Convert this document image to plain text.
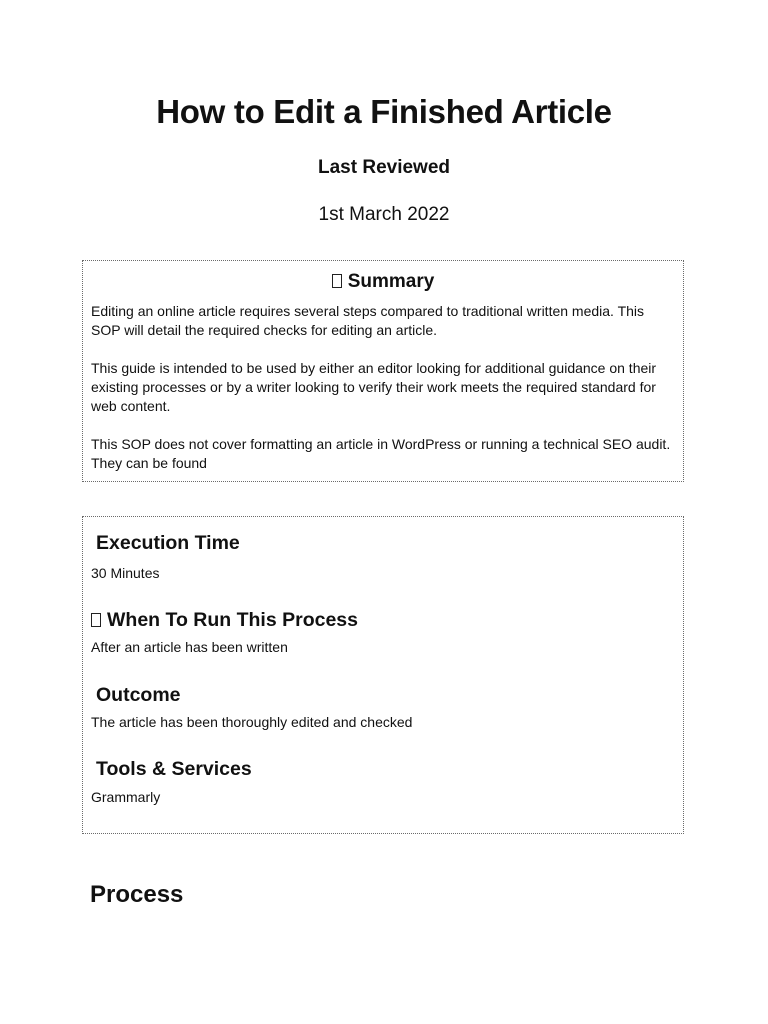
How to Edit a Finished Article
Last Reviewed
1st March 2022
Summary

Editing an online article requires several steps compared to traditional written media. This SOP will detail the required checks for editing an article.

This guide is intended to be used by either an editor looking for additional guidance on their existing processes or by a writer looking to verify their work meets the required standard for web content.

This SOP does not cover formatting an article in WordPress or running a technical SEO audit. They can be found

Execution Time
30 Minutes
When To Run This Process
After an article has been written
Outcome
The article has been thoroughly edited and checked
Tools & Services
Grammarly
Process
